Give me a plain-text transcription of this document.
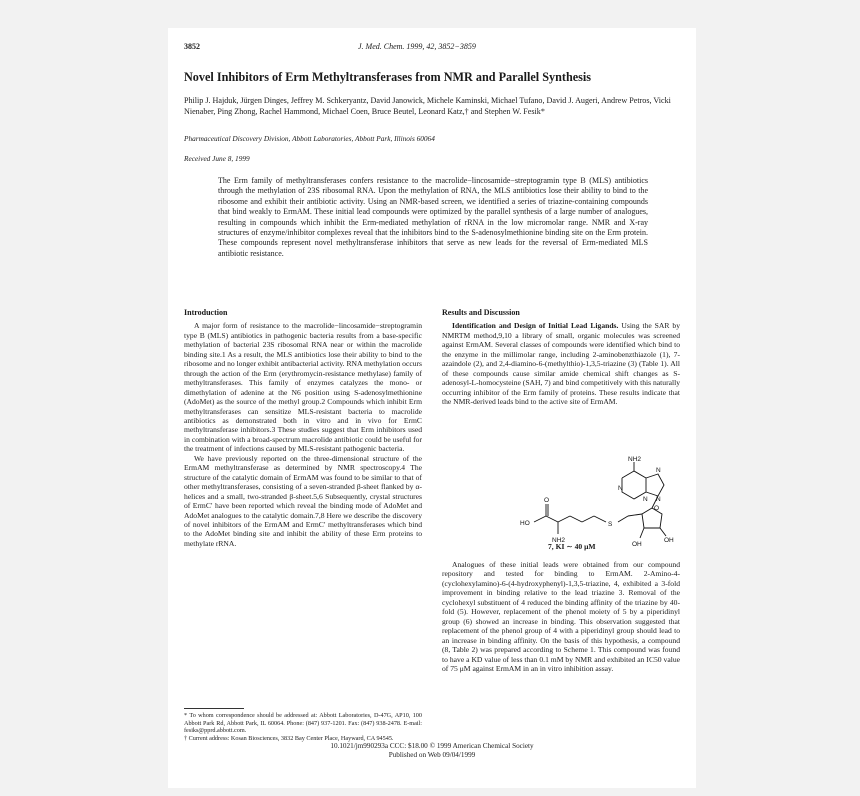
3852	J. Med. Chem. 1999, 42, 3852−3859
Novel Inhibitors of Erm Methyltransferases from NMR and Parallel Synthesis
Philip J. Hajduk, Jürgen Dinges, Jeffrey M. Schkeryantz, David Janowick, Michele Kaminski, Michael Tufano, David J. Augeri, Andrew Petros, Vicki Nienaber, Ping Zhong, Rachel Hammond, Michael Coen, Bruce Beutel, Leonard Katz,† and Stephen W. Fesik*
Pharmaceutical Discovery Division, Abbott Laboratories, Abbott Park, Illinois 60064
Received June 8, 1999
The Erm family of methyltransferases confers resistance to the macrolide−lincosamide−streptogramin type B (MLS) antibiotics through the methylation of 23S ribosomal RNA. Upon the methylation of RNA, the MLS antibiotics lose their ability to bind to the ribosome and exhibit their antibiotic activity. Using an NMR-based screen, we identified a series of triazine-containing compounds that bind weakly to ErmAM. These initial lead compounds were optimized by the parallel synthesis of a large number of analogues, resulting in compounds which inhibit the Erm-mediated methylation of rRNA in the low micromolar range. NMR and X-ray structures of enzyme/inhibitor complexes reveal that the inhibitors bind to the S-adenosylmethionine binding site on the Erm protein. These compounds represent novel methyltransferase inhibitors that serve as new leads for the reversal of Erm-mediated MLS antibiotic resistance.
Introduction

A major form of resistance to the macrolide−lincosamide−streptogramin type B (MLS) antibiotics in pathogenic bacteria results from a base-specific methylation of bacterial 23S ribosomal RNA near or within the macrolide binding site.1 As a result, the MLS antibiotics lose their ability to bind to the ribosome and no longer exhibit antibacterial activity. RNA methylation occurs through the action of the Erm (erythromycin-resistance methylase) family of methyltransferases. This family of enzymes catalyzes the mono- or dimethylation of adenine at the N6 position using S-adenosylmethionine (AdoMet) as the source of the methyl group.2 Compounds which inhibit Erm methyltransferases can sensitize MLS-resistant bacteria to macrolide antibiotics as demonstrated both in vitro and in vivo for ErmC methyltransferase inhibitors.3 These studies suggest that Erm inhibitors used in combination with a broad-spectrum macrolide antibiotic could be useful for the treatment of infections caused by MLS-resistant pathogenic bacteria.

We have previously reported on the three-dimensional structure of the ErmAM methyltransferase as determined by NMR spectroscopy.4 The structure of the catalytic domain of ErmAM was found to be similar to that of other methyltransferases, consisting of a seven-stranded β-sheet flanked by α-helices and a small, two-stranded β-sheet.5,6 Subsequently, crystal structures of ErmC′ have been reported which reveal the binding mode of AdoMet and AdoMet analogues to the catalytic domain.7,8 Here we describe the discovery of novel inhibitors of the ErmAM and ErmC′ methyltransferases which bind to the AdoMet binding site and inhibit the ability of these Erm proteins to methylate rRNA.

Results and Discussion

Identification and Design of Initial Lead Ligands. Using the SAR by NMRTM method,9,10 a library of small, organic molecules was screened against ErmAM. Several classes of compounds were identified which bind to the enzyme in the millimolar range, including 2-aminobenzthiazole (1), 7-azaindole (2), and 2,4-diamino-6-(methylthio)-1,3,5-triazine (3) (Table 1). All of these compounds cause similar amide chemical shift changes as S-adenosyl-L-homocysteine (SAH, 7) and bind competitively with this naturally occurring inhibitor of the Erm family of proteins. These results indicate that the NMR-derived leads bind to the active site of ErmAM.

NH2
N
N
N
N
O
S
HO
O
NH2
OH
OH
7, KI ∼ 40 μM

Analogues of these initial leads were obtained from our compound repository and tested for binding to ErmAM. 2-Amino-4-(cyclohexylamino)-6-(4-hydroxyphenyl)-1,3,5-triazine, 4, exhibited a 3-fold improvement in binding relative to the lead triazine 3. Removal of the cyclohexyl substituent of 4 reduced the binding affinity of the triazine by 40-fold (5). However, replacement of the phenol moiety of 5 by a piperidinyl group (6) showed an increase in binding. This observation suggested that replacement of the phenol group of 4 with a piperidinyl group should lead to an increase in binding affinity. On the basis of this hypothesis, a compound (8, Table 2) was prepared according to Scheme 1. This compound was found to have a KD value of less than 0.1 mM by NMR and exhibited an IC50 value of 75 μM against ErmAM in an in vitro inhibition assay.

* To whom correspondence should be addressed at: Abbott Laboratories, D-47G, AP10, 100 Abbott Park Rd, Abbott Park, IL 60064. Phone: (847) 937-1201. Fax: (847) 938-2478. E-mail: fesiks@pprd.abbott.com.
† Current address: Kosan Biosciences, 3832 Bay Center Place, Hayward, CA 94545.
10.1021/jm990293a CCC: $18.00 © 1999 American Chemical Society
Published on Web 09/04/1999
